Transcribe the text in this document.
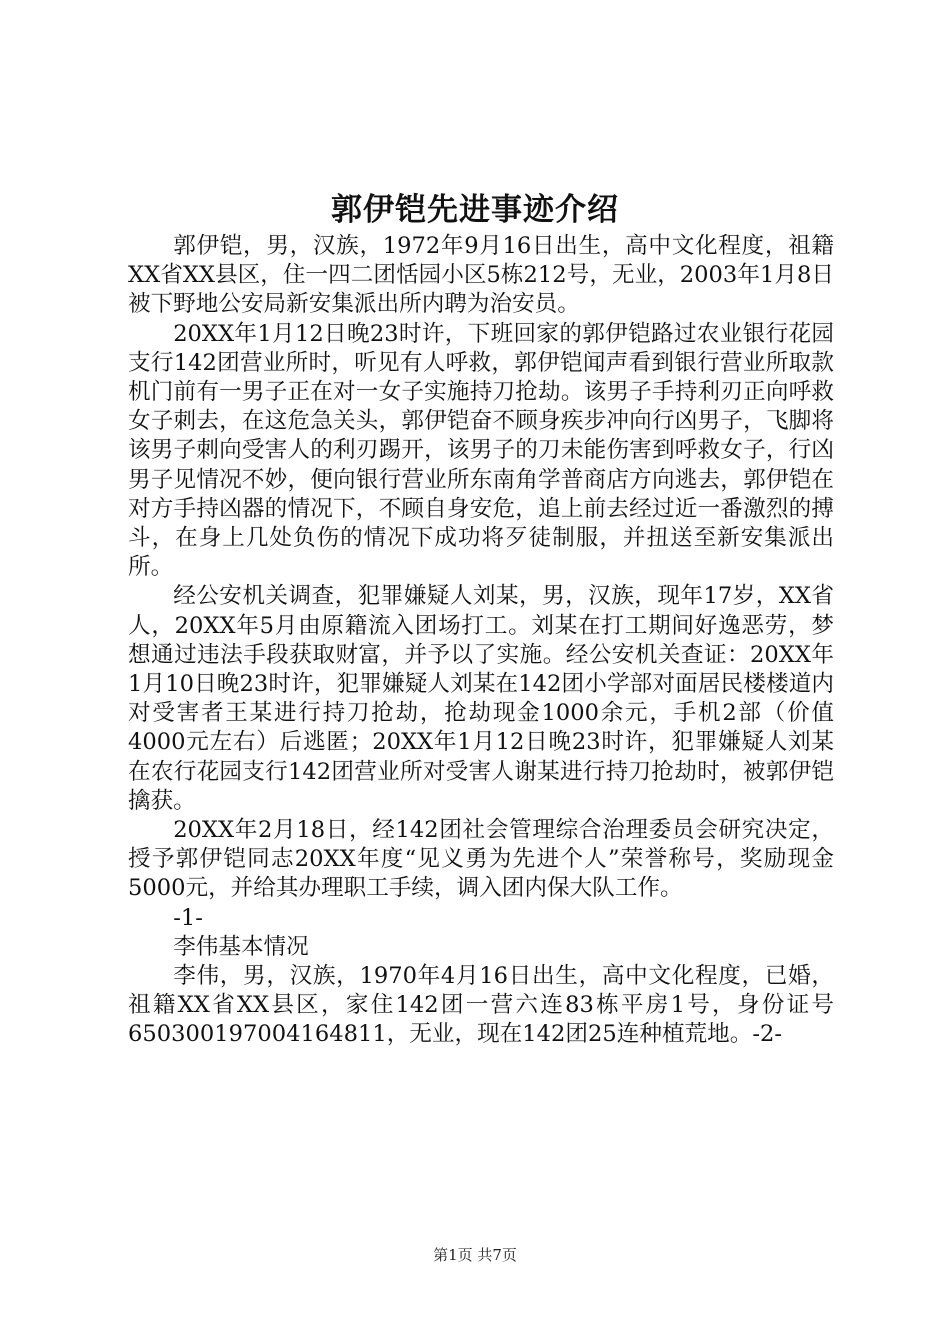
郭伊铠先进事迹介绍

郭伊铠，男，汉族，1972年9月16日出生，高中文化程度，祖籍XX省XX县区，住一四二团恬园小区5栋212号，无业，2003年1月8日被下野地公安局新安集派出所内聘为治安员。

20XX年1月12日晚23时许，下班回家的郭伊铠路过农业银行花园支行142团营业所时，听见有人呼救，郭伊铠闻声看到银行营业所取款机门前有一男子正在对一女子实施持刀抢劫。该男子手持利刃正向呼救女子刺去，在这危急关头，郭伊铠奋不顾身疾步冲向行凶男子，飞脚将该男子刺向受害人的利刃踢开，该男子的刀未能伤害到呼救女子，行凶男子见情况不妙，便向银行营业所东南角学普商店方向逃去，郭伊铠在对方手持凶器的情况下，不顾自身安危，追上前去经过近一番激烈的搏斗，在身上几处负伤的情况下成功将歹徒制服，并扭送至新安集派出所。

经公安机关调查，犯罪嫌疑人刘某，男，汉族，现年17岁，XX省人，20XX年5月由原籍流入团场打工。刘某在打工期间好逸恶劳，梦想通过违法手段获取财富，并予以了实施。经公安机关查证：20XX年1月10日晚23时许，犯罪嫌疑人刘某在142团小学部对面居民楼楼道内对受害者王某进行持刀抢劫，抢劫现金1000余元，手机2部（价值4000元左右）后逃匿；20XX年1月12日晚23时许，犯罪嫌疑人刘某在农行花园支行142团营业所对受害人谢某进行持刀抢劫时，被郭伊铠擒获。

20XX年2月18日，经142团社会管理综合治理委员会研究决定，授予郭伊铠同志20XX年度“见义勇为先进个人”荣誉称号，奖励现金5000元，并给其办理职工手续，调入团内保大队工作。

-1-

李伟基本情况

李伟，男，汉族，1970年4月16日出生，高中文化程度，已婚，祖籍XX省XX县区，家住142团一营六连83栋平房1号，身份证号650300197004164811，无业，现在142团25连种植荒地。-2-

第1页 共7页
